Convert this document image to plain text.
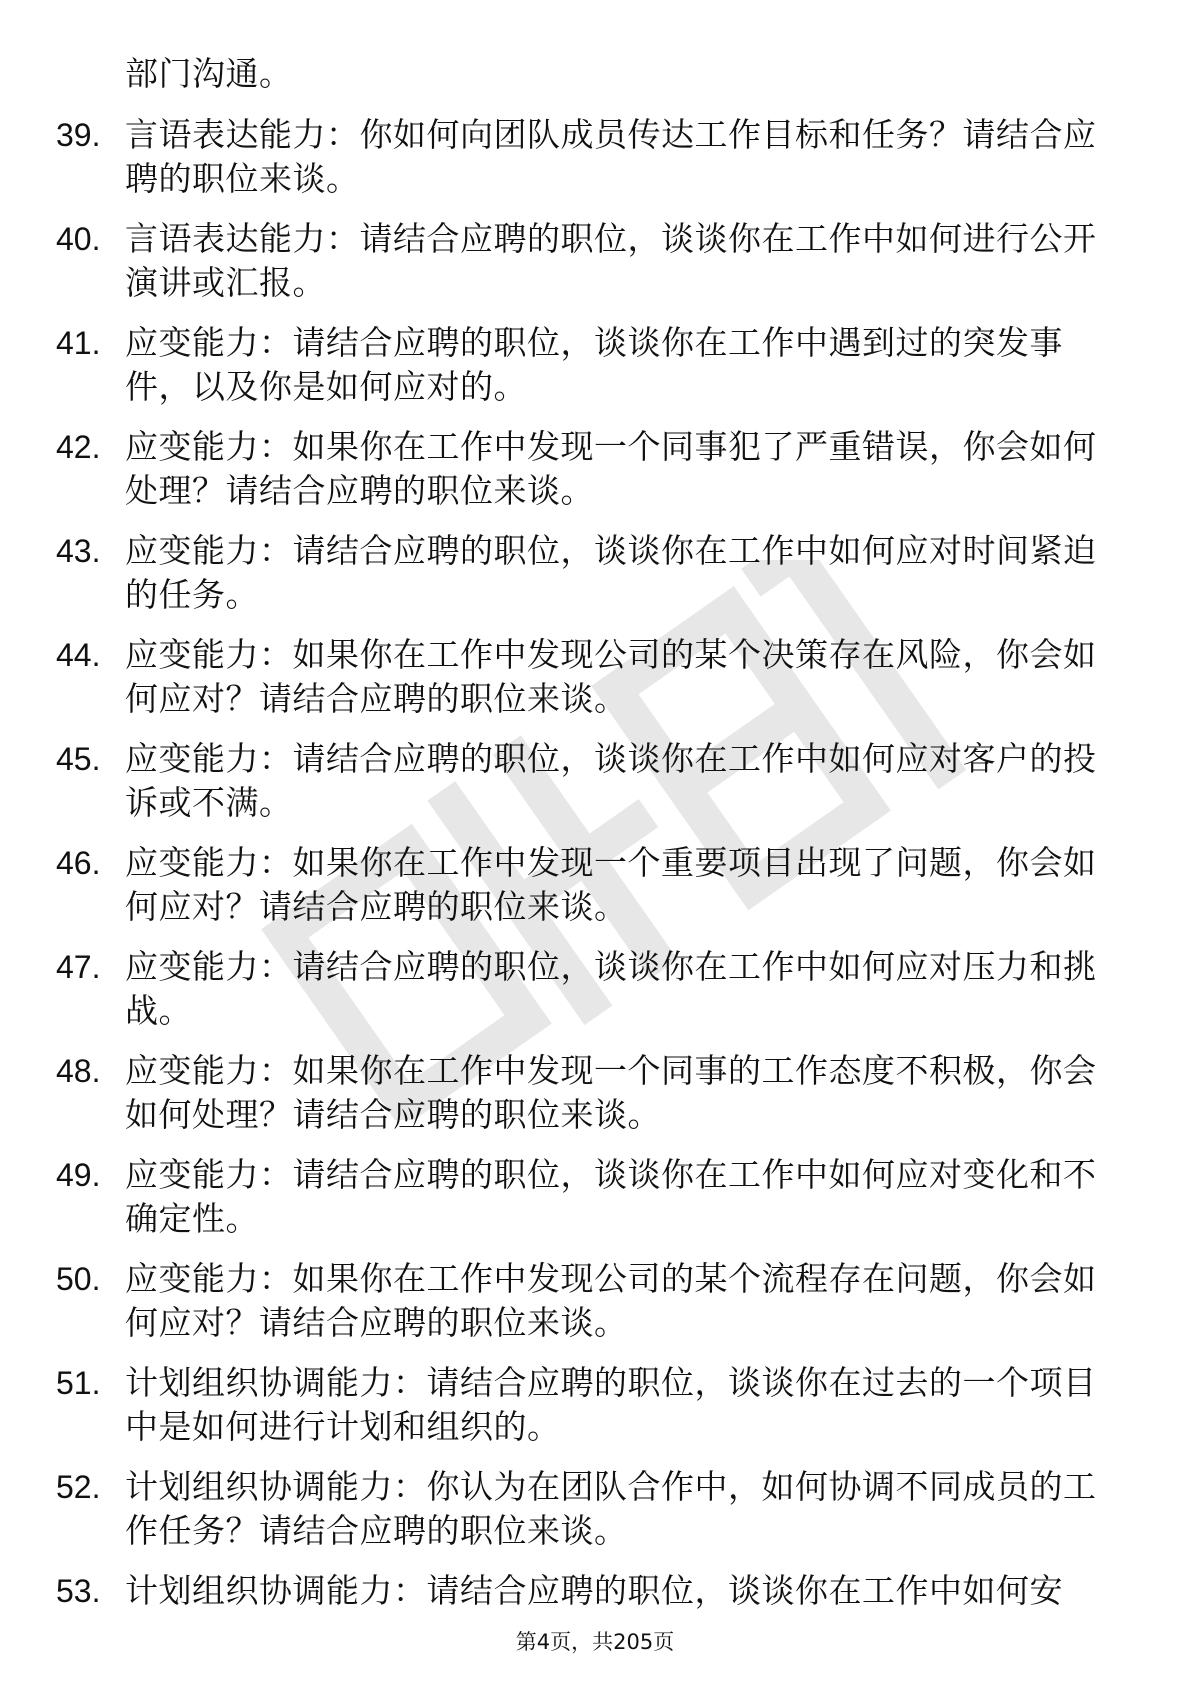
部门沟通。
39. 言语表达能力：你如何向团队成员传达工作目标和任务？请结合应聘的职位来谈。
40. 言语表达能力：请结合应聘的职位，谈谈你在工作中如何进行公开演讲或汇报。
41. 应变能力：请结合应聘的职位，谈谈你在工作中遇到过的突发事件，以及你是如何应对的。
42. 应变能力：如果你在工作中发现一个同事犯了严重错误，你会如何处理？请结合应聘的职位来谈。
43. 应变能力：请结合应聘的职位，谈谈你在工作中如何应对时间紧迫的任务。
44. 应变能力：如果你在工作中发现公司的某个决策存在风险，你会如何应对？请结合应聘的职位来谈。
45. 应变能力：请结合应聘的职位，谈谈你在工作中如何应对客户的投诉或不满。
46. 应变能力：如果你在工作中发现一个重要项目出现了问题，你会如何应对？请结合应聘的职位来谈。
47. 应变能力：请结合应聘的职位，谈谈你在工作中如何应对压力和挑战。
48. 应变能力：如果你在工作中发现一个同事的工作态度不积极，你会如何处理？请结合应聘的职位来谈。
49. 应变能力：请结合应聘的职位，谈谈你在工作中如何应对变化和不确定性。
50. 应变能力：如果你在工作中发现公司的某个流程存在问题，你会如何应对？请结合应聘的职位来谈。
51. 计划组织协调能力：请结合应聘的职位，谈谈你在过去的一个项目中是如何进行计划和组织的。
52. 计划组织协调能力：你认为在团队合作中，如何协调不同成员的工作任务？请结合应聘的职位来谈。
53. 计划组织协调能力：请结合应聘的职位，谈谈你在工作中如何安
第4页，共205页
